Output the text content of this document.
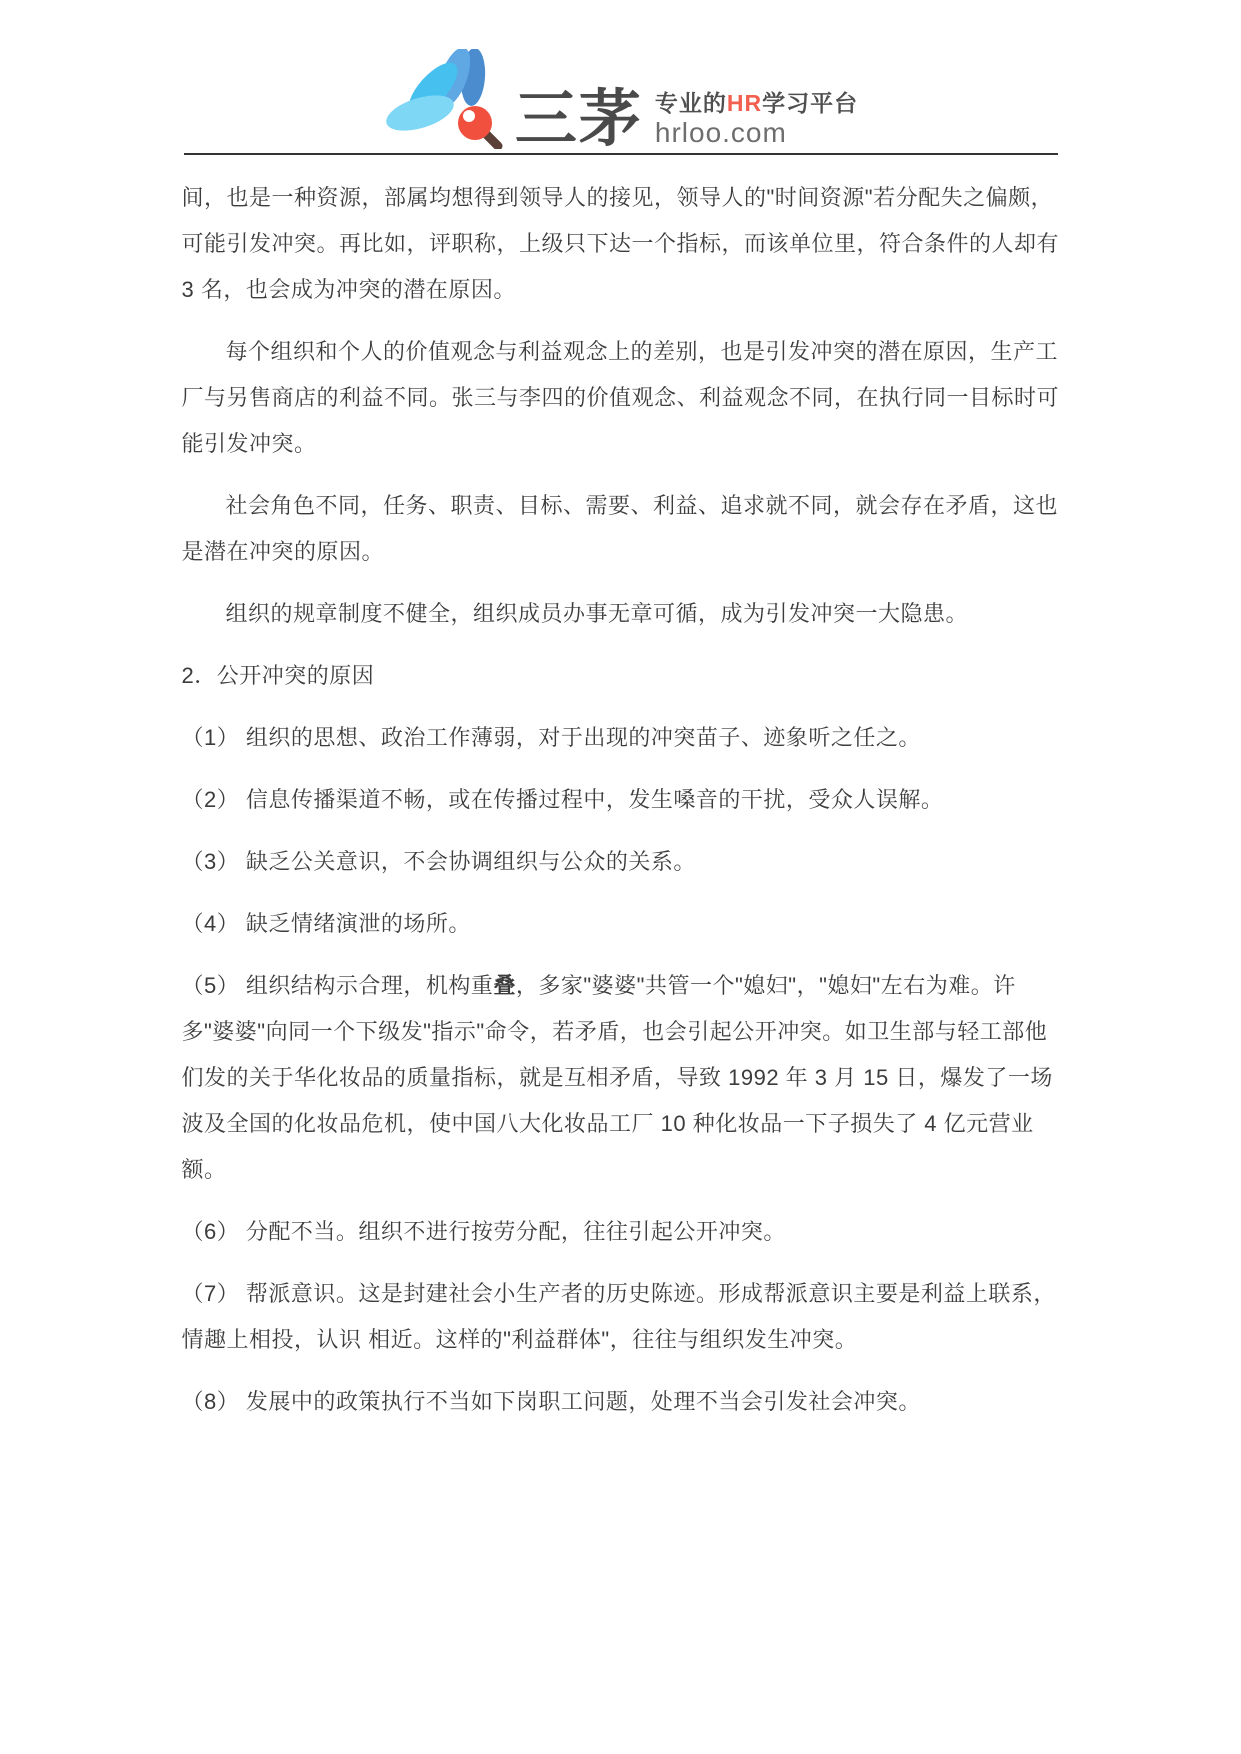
三茅 专业的HR学习平台
hrloo.com

间，也是一种资源，部属均想得到领导人的接见，领导人的"时间资源"若分配失之偏颇，可能引发冲突。再比如，评职称，上级只下达一个指标，而该单位里，符合条件的人却有 3 名，也会成为冲突的潜在原因。

每个组织和个人的价值观念与利益观念上的差别，也是引发冲突的潜在原因，生产工厂与另售商店的利益不同。张三与李四的价值观念、利益观念不同，在执行同一目标时可能引发冲突。

社会角色不同，任务、职责、目标、需要、利益、追求就不同，就会存在矛盾，这也是潜在冲突的原因。

组织的规章制度不健全，组织成员办事无章可循，成为引发冲突一大隐患。

2．公开冲突的原因

（1） 组织的思想、政治工作薄弱，对于出现的冲突苗子、迹象听之任之。

（2） 信息传播渠道不畅，或在传播过程中，发生嗓音的干扰，受众人误解。

（3） 缺乏公关意识，不会协调组织与公众的关系。

（4） 缺乏情绪演泄的场所。

（5） 组织结构示合理，机构重叠，多家"婆婆"共管一个"媳妇"，"媳妇"左右为难。许多"婆婆"向同一个下级发"指示"命令，若矛盾，也会引起公开冲突。如卫生部与轻工部他们发的关于华化妆品的质量指标，就是互相矛盾，导致 1992 年 3 月 15 日，爆发了一场波及全国的化妆品危机，使中国八大化妆品工厂 10 种化妆品一下子损失了 4 亿元营业额。

（6） 分配不当。组织不进行按劳分配，往往引起公开冲突。

（7） 帮派意识。这是封建社会小生产者的历史陈迹。形成帮派意识主要是利益上联系，情趣上相投，认识 相近。这样的"利益群体"，往往与组织发生冲突。

（8） 发展中的政策执行不当如下岗职工问题，处理不当会引发社会冲突。
